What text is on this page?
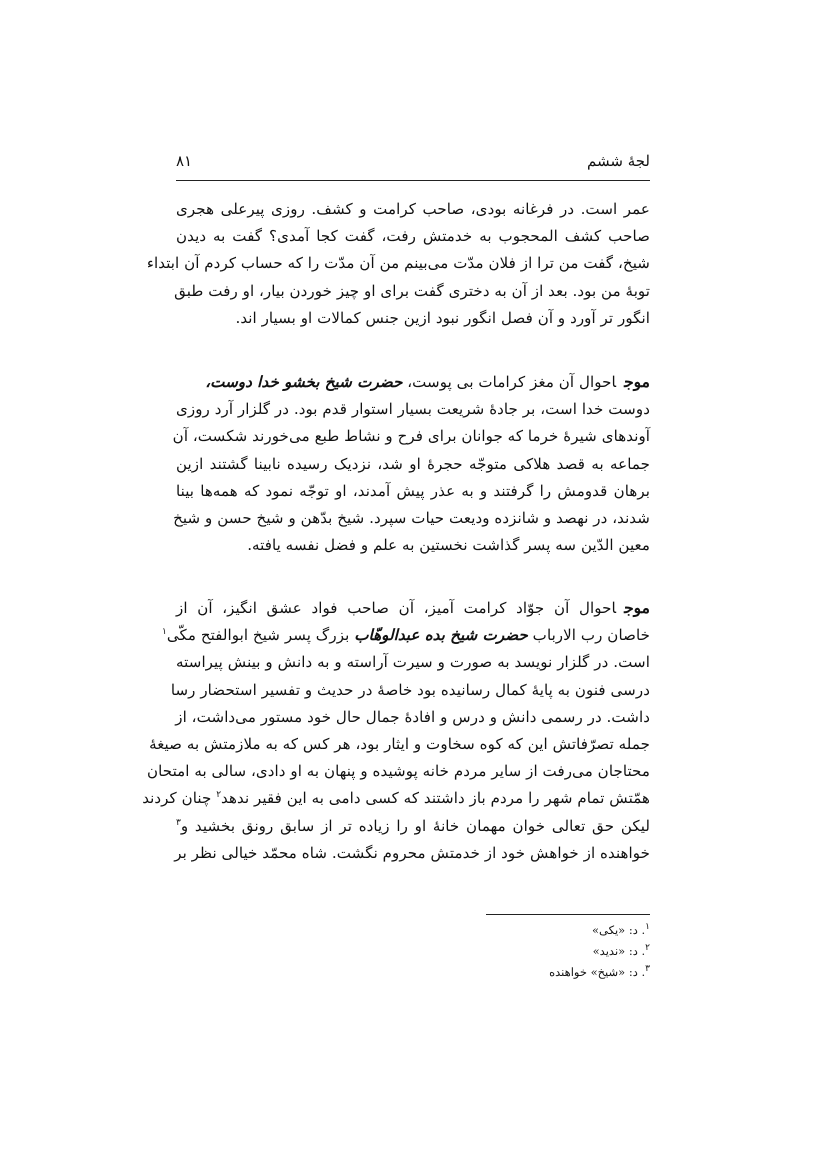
لجۀ ششم
۸۱
عمر است. در فرغانه بودی، صاحب کرامت و کشف. روزی پیرعلی هجری
صاحب کشف المحجوب به خدمتش رفت، گفت کجا آمدی؟ گفت به دیدن
شیخ، گفت من ترا از فلان مدّت می‌بینم من آن مدّت را که حساب کردم آن ابتداء
توبۀ من بود. بعد از آن به دختری گفت برای او چیز خوردن بیار، او رفت طبق
انگور تر آورد و آن فصل انگور نبود ازین جنس کمالات او بسیار اند.
موجاحوال آن مغز کرامات بی پوست، حضرت شیخ بخشو خدا دوست،
دوست خدا است، بر جادۀ شریعت بسیار استوار قدم بود. در گلزار آرد روزی
آوندهای شیرۀ خرما که جوانان برای فرح و نشاط طبع می‌خورند شکست، آن
جماعه به قصد هلاکی متوجّه حجرۀ او شد، نزدیک رسیده نابینا گشتند ازین
برهان قدومش را گرفتند و به عذر پیش آمدند، او توجّه نمود که همه‌ها بینا
شدند، در نهصد و شانزده ودیعت حیات سپرد. شیخ بدّهن و شیخ حسن و شیخ
معین الدّین سه پسر گذاشت نخستین به علم و فضل نفسه یافته.
موجاحوال آن جوّاد کرامت آمیز، آن صاحب فواد عشق انگیز، آن از
خاصان رب الارباب حضرت شیخ بده عبدالوهّاب بزرگ پسر شیخ ابوالفتح مکّی$^۱$
است. در گلزار نویسد به صورت و سیرت آراسته و به دانش و بینش پیراسته
درسی فنون به پایۀ کمال رسانیده بود خاصۀ در حدیث و تفسیر استحضار رسا
داشت. در رسمی دانش و درس و افادۀ جمال حال خود مستور می‌داشت، از
جمله تصرّفاتش این که کوه سخاوت و ایثار بود، هر کس که به ملازمتش به صیغۀ
محتاجان می‌رفت از سایر مردم خانه پوشیده و پنهان به او دادی، سالی به امتحان
همّتش تمام شهر را مردم باز داشتند که کسی دامی به این فقیر ندهد$^۲$ چنان کردند
لیکن حق تعالی خوان مهمان خانۀ او را زیاده تر از سابق رونق بخشید و$^۳$
خواهنده از خواهش خود از خدمتش محروم نگشت. شاه محمّد خیالی نظر بر
$^۱$. د: «یکی»
$^۲$. د: «ندید»
$^۳$. د: «شیخ» خواهنده
